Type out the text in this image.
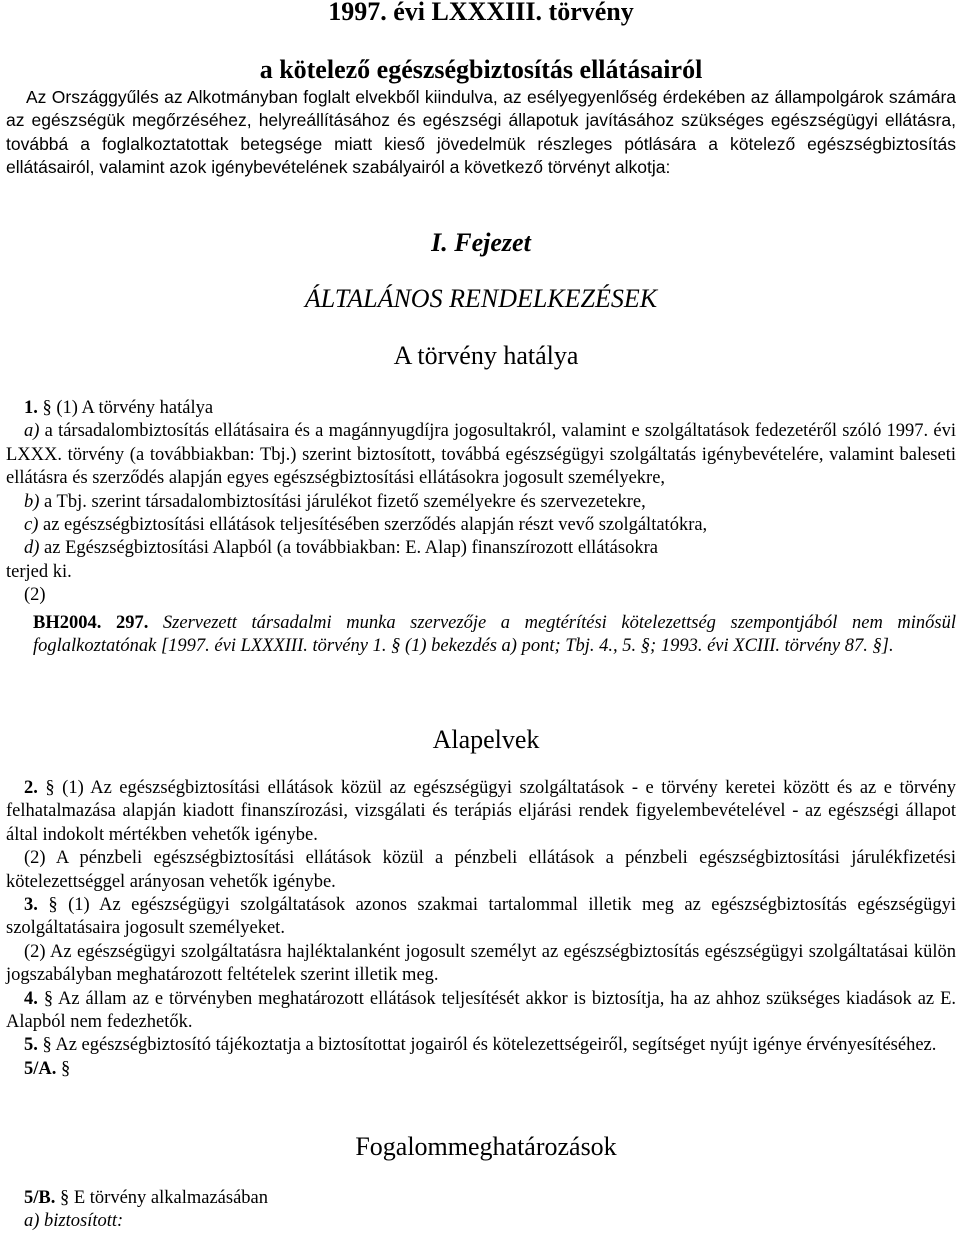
1997. évi LXXXIII. törvény
a kötelező egészségbiztosítás ellátásairól

Az Országgyűlés az Alkotmányban foglalt elvekből kiindulva, az esélyegyenlőség érdekében az állampolgárok számára az egészségük megőrzéséhez, helyreállításához és egészségi állapotuk javításához szükséges egészségügyi ellátásra, továbbá a foglalkoztatottak betegsége miatt kieső jövedelmük részleges pótlására a kötelező egészségbiztosítás ellátásairól, valamint azok igénybevételének szabályairól a következő törvényt alkotja:

I. Fejezet
ÁLTALÁNOS RENDELKEZÉSEK
A törvény hatálya

1. § (1) A törvény hatálya

a) a társadalombiztosítás ellátásaira és a magánnyugdíjra jogosultakról, valamint e szolgáltatások fedezetéről szóló 1997. évi LXXX. törvény (a továbbiakban: Tbj.) szerint biztosított, továbbá egészségügyi szolgáltatás igénybevételére, valamint baleseti ellátásra és szerződés alapján egyes egészségbiztosítási ellátásokra jogosult személyekre,

b) a Tbj. szerint társadalombiztosítási járulékot fizető személyekre és szervezetekre,

c) az egészségbiztosítási ellátások teljesítésében szerződés alapján részt vevő szolgáltatókra,

d) az Egészségbiztosítási Alapból (a továbbiakban: E. Alap) finanszírozott ellátásokra

terjed ki.

(2)

BH2004. 297. Szervezett társadalmi munka szervezője a megtérítési kötelezettség szempontjából nem minősül foglalkoztatónak [1997. évi LXXXIII. törvény 1. § (1) bekezdés a) pont; Tbj. 4., 5. §; 1993. évi XCIII. törvény 87. §].

Alapelvek

2. § (1) Az egészségbiztosítási ellátások közül az egészségügyi szolgáltatások - e törvény keretei között és az e törvény felhatalmazása alapján kiadott finanszírozási, vizsgálati és terápiás eljárási rendek figyelembevételével - az egészségi állapot által indokolt mértékben vehetők igénybe.

(2) A pénzbeli egészségbiztosítási ellátások közül a pénzbeli ellátások a pénzbeli egészségbiztosítási járulékfizetési kötelezettséggel arányosan vehetők igénybe.

3. § (1) Az egészségügyi szolgáltatások azonos szakmai tartalommal illetik meg az egészségbiztosítás egészségügyi szolgáltatásaira jogosult személyeket.

(2) Az egészségügyi szolgáltatásra hajléktalanként jogosult személyt az egészségbiztosítás egészségügyi szolgáltatásai külön jogszabályban meghatározott feltételek szerint illetik meg.

4. § Az állam az e törvényben meghatározott ellátások teljesítését akkor is biztosítja, ha az ahhoz szükséges kiadások az E. Alapból nem fedezhetők.

5. § Az egészségbiztosító tájékoztatja a biztosítottat jogairól és kötelezettségeiről, segítséget nyújt igénye érvényesítéséhez.

5/A. §

Fogalommeghatározások

5/B. § E törvény alkalmazásában

a) biztosított:
